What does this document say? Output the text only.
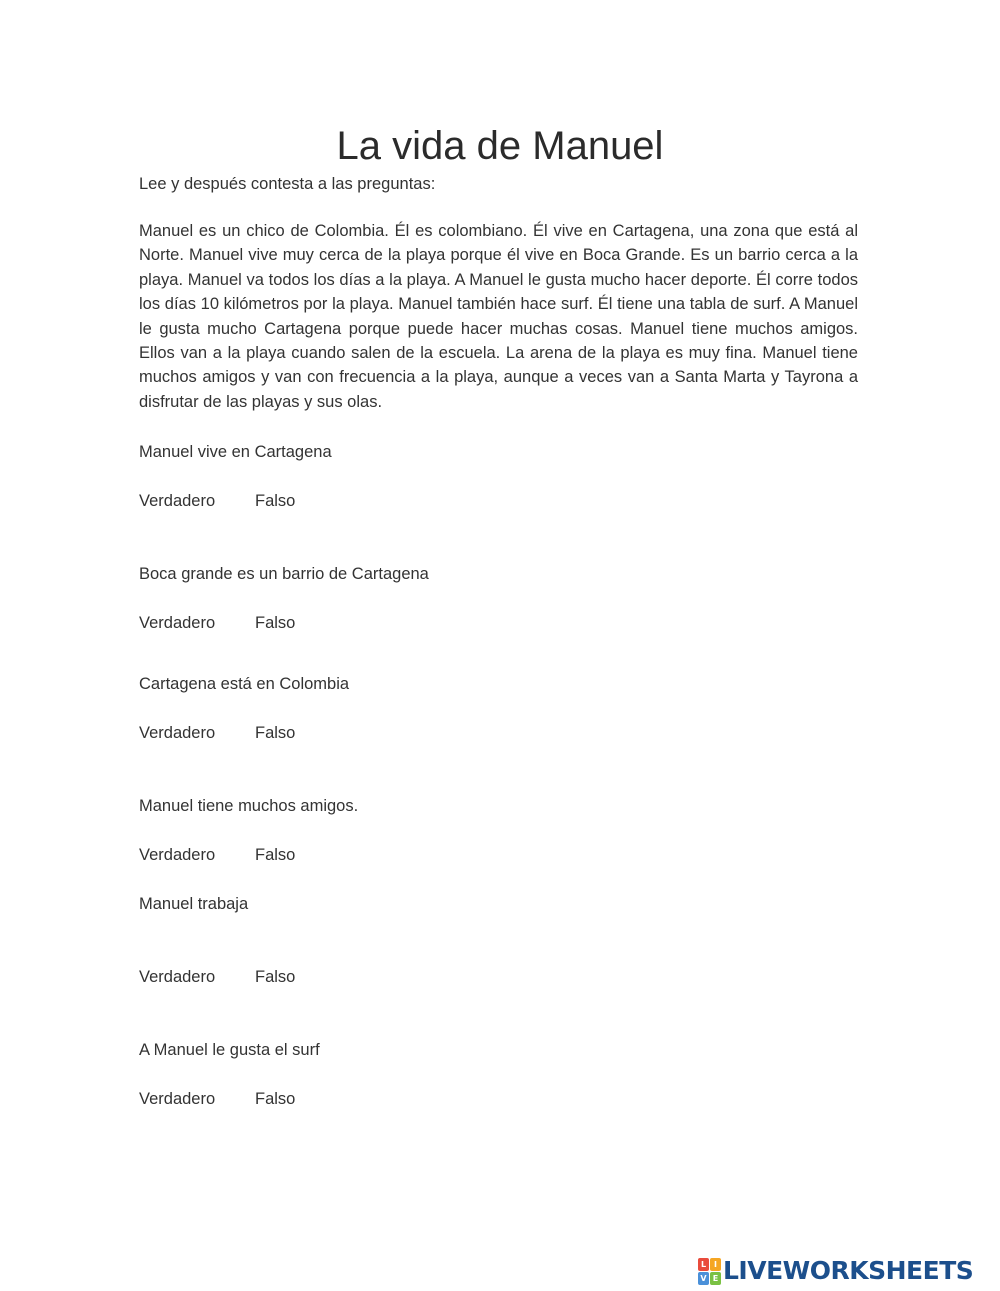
La vida de Manuel

Lee y después contesta a las preguntas:

Manuel es un chico de Colombia. Él es colombiano. Él vive en Cartagena, una zona que está al Norte. Manuel vive muy cerca de la playa porque él vive en Boca Grande. Es un barrio cerca a la playa. Manuel va todos los días a la playa. A Manuel le gusta mucho hacer deporte. Él corre todos los días 10 kilómetros por la playa. Manuel también hace surf. Él tiene una tabla de surf. A Manuel le gusta mucho Cartagena porque puede hacer muchas cosas. Manuel tiene muchos amigos. Ellos van a la playa cuando salen de la escuela. La arena de la playa es muy fina. Manuel tiene muchos amigos y van con frecuencia a la playa, aunque a veces van a Santa Marta y Tayrona a disfrutar de las playas y sus olas.

Manuel vive en Cartagena

Verdadero Falso

Boca grande es un barrio de Cartagena

Verdadero Falso

Cartagena está en Colombia

Verdadero Falso

Manuel tiene muchos amigos.

Verdadero Falso

Manuel trabaja

Verdadero Falso

A Manuel le gusta el surf

Verdadero Falso
L I
V E LIVEWORKSHEETS
